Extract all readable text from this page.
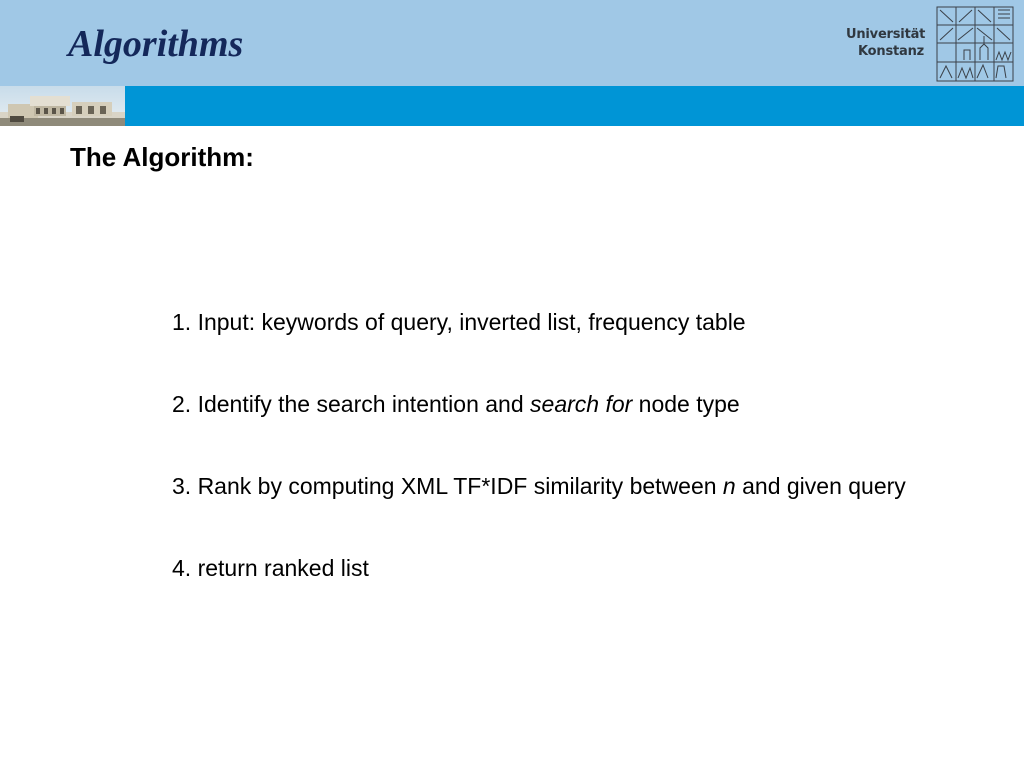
Algorithms	Universität
Konstanz
The Algorithm:
1. Input: keywords of query, inverted list, frequency table
2. Identify the search intention and search for node type
3. Rank by computing XML TF*IDF similarity between n and given query
4. return ranked list
